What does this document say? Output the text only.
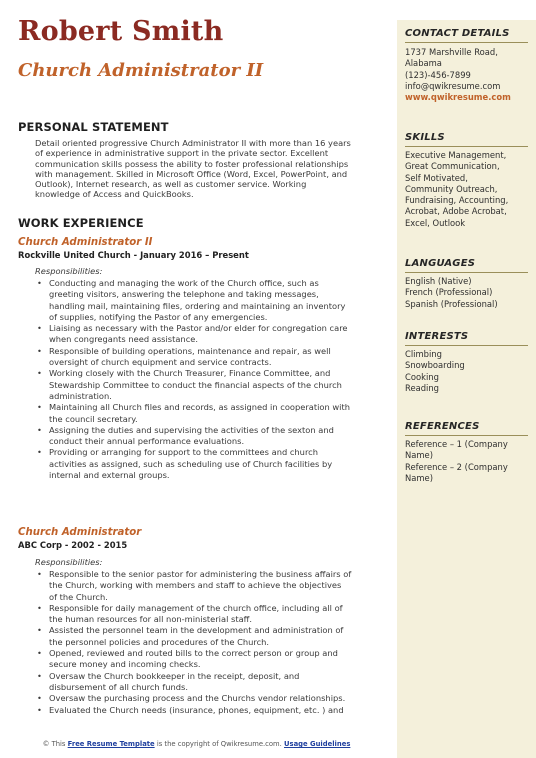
Robert Smith
Church Administrator II
PERSONAL STATEMENT
Detail oriented progressive Church Administrator II with more than 16 years
of experience in administrative support in the private sector. Excellent
communication skills possess the ability to foster professional relationships
with management. Skilled in Microsoft Office (Word, Excel, PowerPoint, and
Outlook), Internet research, as well as customer service. Working
knowledge of Access and QuickBooks.
WORK EXPERIENCE
Church Administrator II
Rockville United Church - January 2016 – Present
Responsibilities:
• Conducting and managing the work of the Church office, such as
greeting visitors, answering the telephone and taking messages,
handling mail, maintaining files, ordering and maintaining an inventory
of supplies, notifying the Pastor of any emergencies.
• Liaising as necessary with the Pastor and/or elder for congregation care
when congregants need assistance.
• Responsible of building operations, maintenance and repair, as well
oversight of church equipment and service contracts.
• Working closely with the Church Treasurer, Finance Committee, and
Stewardship Committee to conduct the financial aspects of the church
administration.
• Maintaining all Church files and records, as assigned in cooperation with
the council secretary.
• Assigning the duties and supervising the activities of the sexton and
conduct their annual performance evaluations.
• Providing or arranging for support to the committees and church
activities as assigned, such as scheduling use of Church facilities by
internal and external groups.
Church Administrator
ABC Corp - 2002 - 2015
Responsibilities:
• Responsible to the senior pastor for administering the business affairs of
the Church, working with members and staff to achieve the objectives
of the Church.
• Responsible for daily management of the church office, including all of
the human resources for all non-ministerial staff.
• Assisted the personnel team in the development and administration of
the personnel policies and procedures of the Church.
• Opened, reviewed and routed bills to the correct person or group and
secure money and incoming checks.
• Oversaw the Church bookkeeper in the receipt, deposit, and
disbursement of all church funds.
• Oversaw the purchasing process and the Churchs vendor relationships.
• Evaluated the Church needs (insurance, phones, equipment, etc. ) and
© This Free Resume Template is the copyright of Qwikresume.com. Usage Guidelines
CONTACT DETAILS
1737 Marshville Road,
Alabama
(123)-456-7899
info@qwikresume.com
www.qwikresume.com
SKILLS
Executive Management,
Great Communication,
Self Motivated,
Community Outreach,
Fundraising, Accounting,
Acrobat, Adobe Acrobat,
Excel, Outlook
LANGUAGES
English (Native)
French (Professional)
Spanish (Professional)
INTERESTS
Climbing
Snowboarding
Cooking
Reading
REFERENCES
Reference – 1 (Company
Name)
Reference – 2 (Company
Name)
